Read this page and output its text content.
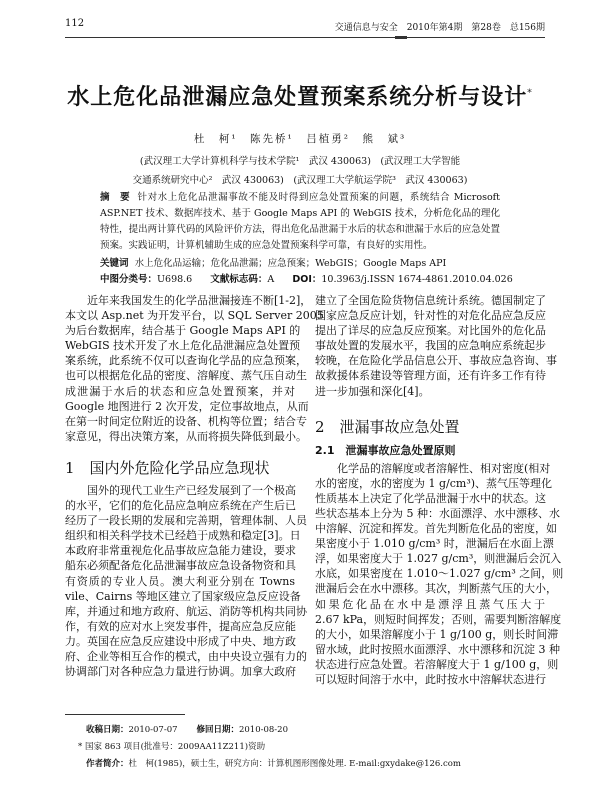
112	交通信息与安全　2010年第4期　第28卷　总156期
水上危化品泄漏应急处置预案系统分析与设计*
杜　柯¹　陈先桥¹　吕植勇²　熊　斌³
(武汉理工大学计算机科学与技术学院¹　武汉 430063)　(武汉理工大学智能
交通系统研究中心²　武汉 430063)　(武汉理工大学航运学院³　武汉 430063)
摘　要 针对水上危化品泄漏事故不能及时得到应急处置预案的问题，系统结合 Microsoft ASP.NET 技术、数据库技术、基于 Google Maps API 的 WebGIS 技术，分析危化品的理化特性，提出两计算代码的风险评价方法，得出危化品泄漏于水后的状态和泄漏于水后的应急处置预案。实践证明，计算机辅助生成的应急处置预案科学可靠，有良好的实用性。
关键词 水上危化品运输；危化品泄漏；应急预案；WebGIS；Google Maps API
中图分类号：U698.6 文献标志码：A DOI：10.3963/j.ISSN 1674-4861.2010.04.026
近年来我国发生的化学品泄漏接连不断[1-2]，
本文以 Asp.net 为开发平台，以 SQL Server 2005
为后台数据库，结合基于 Google Maps API 的
WebGIS 技术开发了水上危化品泄漏应急处置预
案系统，此系统不仅可以查询化学品的应急预案，
也可以根据危化品的密度、溶解度、蒸气压自动生
成泄漏于水后的状态和应急处置预案，并对
Google 地图进行 2 次开发，定位事故地点，从而
在第一时间定位附近的设备、机构等位置；结合专
家意见，得出决策方案，从而将损失降低到最小。
1　国内外危险化学品应急现状
国外的现代工业生产已经发展到了一个极高
的水平，它们的危化品应急响应系统在产生后已
经历了一段长期的发展和完善期，管理体制、人员
组织和相关科学技术已经趋于成熟和稳定[3]。日
本政府非常重视危化品事故应急能力建设，要求
船东必须配备危化品泄漏事故应急设备物资和具
有资质的专业人员。澳大利亚分别在 Towns
vile、Cairns 等地区建立了国家级应急反应设备
库，并通过和地方政府、航运、消防等机构共同协
作，有效的应对水上突发事件，提高应急反应能
力。英国在应急反应建设中形成了中央、地方政
府、企业等相互合作的模式，由中央设立强有力的
协调部门对各种应急力量进行协调。加拿大政府
建立了全国危险货物信息统计系统。德国制定了
国家应急反应计划，针对性的对危化品应急反应
提出了详尽的应急反应预案。对比国外的危化品
事故处置的发展水平，我国的应急响应系统起步
较晚，在危险化学品信息公开、事故应急咨询、事
故救援体系建设等管理方面，还有许多工作有待
进一步加强和深化[4]。
2　泄漏事故应急处置
2.1　泄漏事故应急处置原则
化学品的溶解度或者溶解性、相对密度(相对
水的密度，水的密度为 1 g/cm³)、蒸气压等理化
性质基本上决定了化学品泄漏于水中的状态。这
些状态基本上分为 5 种：水面漂浮、水中漂移、水
中溶解、沉淀和挥发。首先判断危化品的密度，如
果密度小于 1.010 g/cm³ 时，泄漏后在水面上漂
浮，如果密度大于 1.027 g/cm³，则泄漏后会沉入
水底，如果密度在 1.010～1.027 g/cm³ 之间，则
泄漏后会在水中漂移。其次，判断蒸气压的大小，
如果危化品在水中是漂浮且蒸气压大于
2.67 kPa，则短时间挥发；否则，需要判断溶解度
的大小，如果溶解度小于 1 g/100 g，则长时间滞
留水域，此时按照水面漂浮、水中漂移和沉淀 3 种
状态进行应急处置。若溶解度大于 1 g/100 g，则
可以短时间溶于水中，此时按水中溶解状态进行
收稿日期：2010-07-07 修回日期：2010-08-20
* 国家 863 项目(批准号：2009AA11Z211)资助
作者简介：杜　柯(1985)，硕士生，研究方向：计算机图形图像处理. E-mail:gxydake@126.com
